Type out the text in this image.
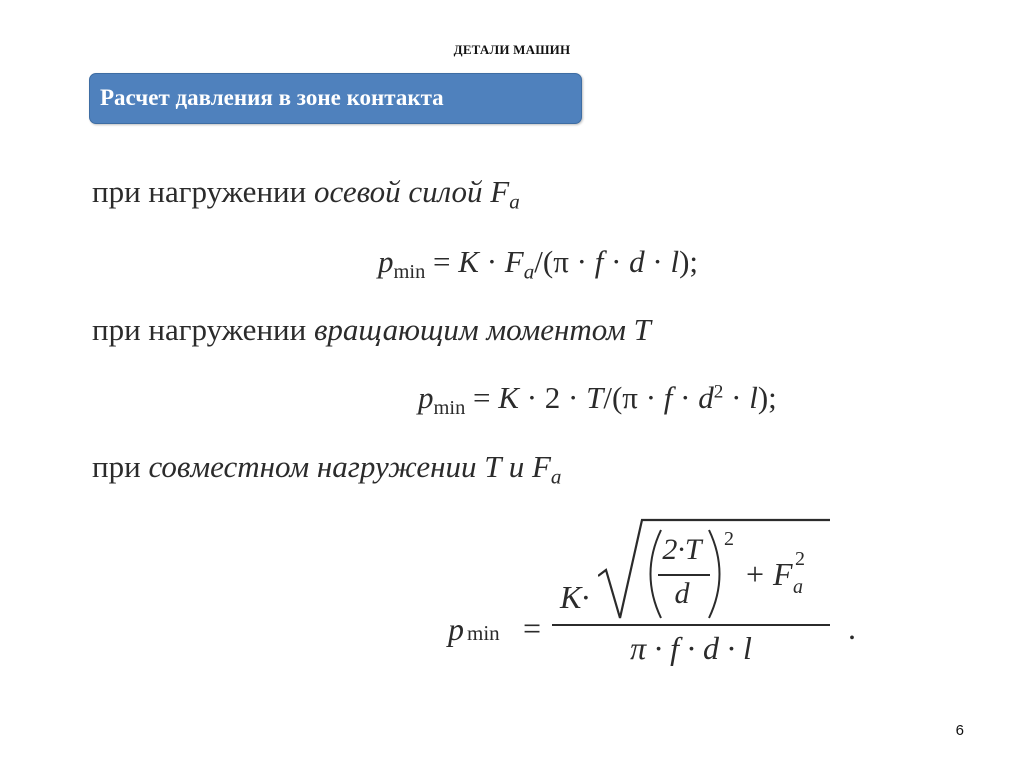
ДЕТАЛИ МАШИН
Расчет давления в зоне контакта
при нагружении осевой силой $F_a$
$pmin = K \cdot F_a/(\pi \cdot f \cdot d \cdot l)$;
при нагружении вращающим моментом T
$pmin = K \cdot 2 \cdot T/(\pi \cdot f \cdot d^2 \cdot l)$;
при совместном нагружении T и $F_a$
p min =
K·
2·T
d
2
+ F a
2
π · f · d · l
.
6
